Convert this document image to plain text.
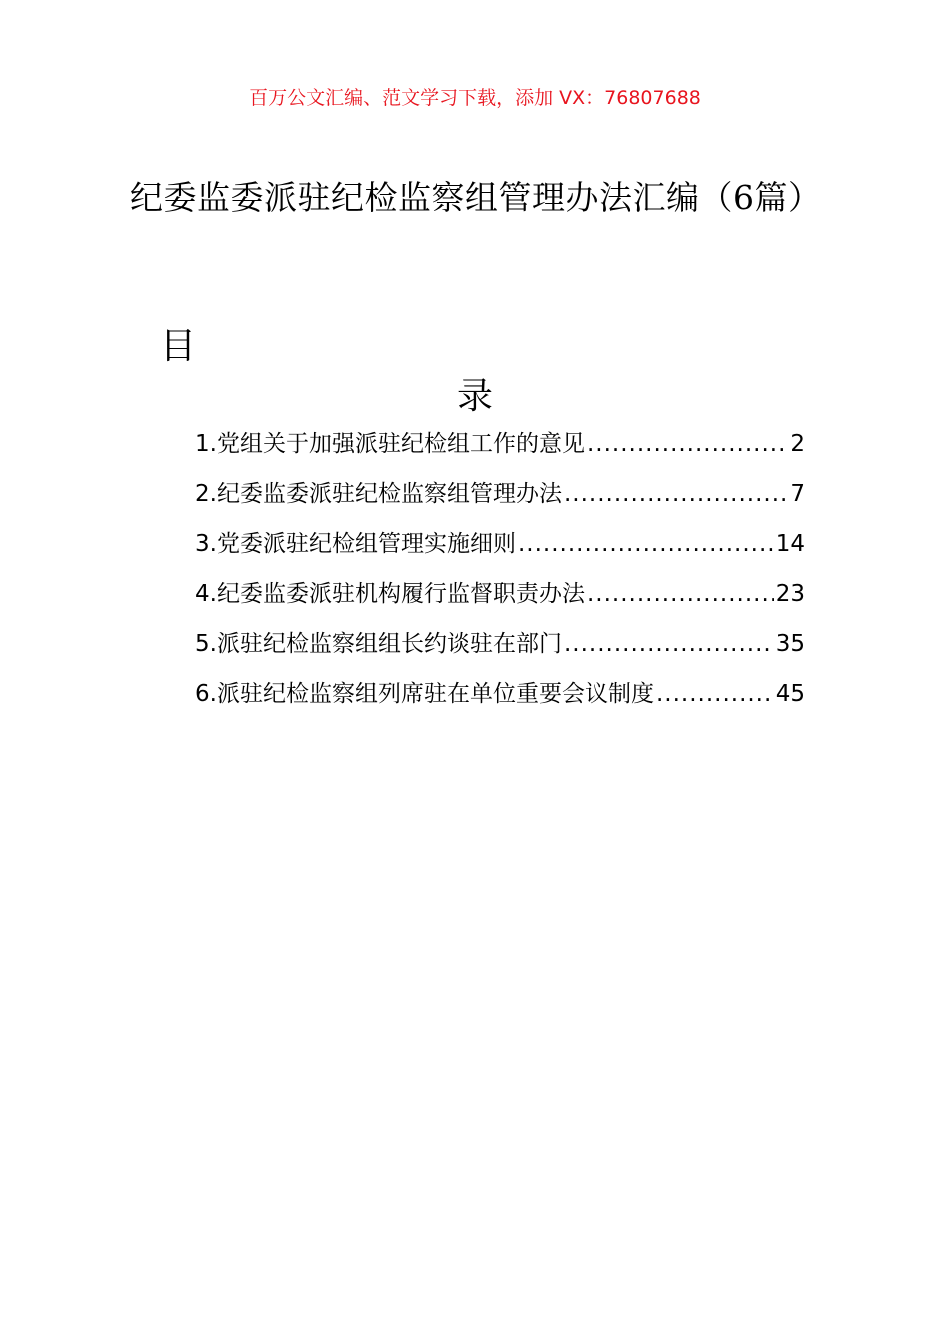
百万公文汇编、范文学习下载，添加 VX：76807688
纪委监委派驻纪检监察组管理办法汇编（6篇）
目
录
1.党组关于加强派驻纪检组工作的意见 .....	2
2.纪委监委派驻纪检监察组管理办法 .....	7
3.党委派驻纪检组管理实施细则 .....	14
4.纪委监委派驻机构履行监督职责办法 .....	23
5.派驻纪检监察组组长约谈驻在部门 .....	35
6.派驻纪检监察组列席驻在单位重要会议制度 .....	45
